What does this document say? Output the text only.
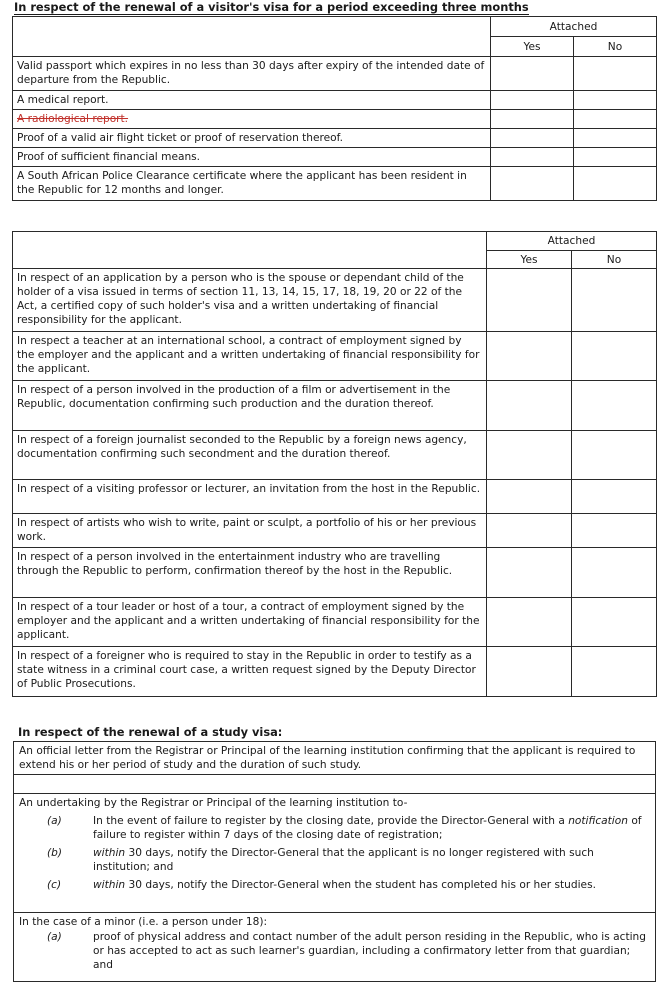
In respect of the renewal of a visitor's visa for a period exceeding three months
	Attached	
	Yes	No
Valid passport which expires in no less than 30 days after expiry of the intended date of departure from the Republic.		
A medical report.		
A radiological report.		
Proof of a valid air flight ticket or proof of reservation thereof.		
Proof of sufficient financial means.		
A South African Police Clearance certificate where the applicant has been resident in the Republic for 12 months and longer.		
	Attached	
	Yes	No
In respect of an application by a person who is the spouse or dependant child of the holder of a visa issued in terms of section 11, 13, 14, 15, 17, 18, 19, 20 or 22 of the Act, a certified copy of such holder's visa and a written undertaking of financial responsibility for the applicant.		
In respect a teacher at an international school, a contract of employment signed by the employer and the applicant and a written undertaking of financial responsibility for the applicant.		
In respect of a person involved in the production of a film or advertisement in the Republic, documentation confirming such production and the duration thereof.		
In respect of a foreign journalist seconded to the Republic by a foreign news agency, documentation confirming such secondment and the duration thereof.		
In respect of a visiting professor or lecturer, an invitation from the host in the Republic.		
In respect of artists who wish to write, paint or sculpt, a portfolio of his or her previous work.		
In respect of a person involved in the entertainment industry who are travelling through the Republic to perform, confirmation thereof by the host in the Republic.		
In respect of a tour leader or host of a tour, a contract of employment signed by the employer and the applicant and a written undertaking of financial responsibility for the applicant.		
In respect of a foreigner who is required to stay in the Republic in order to testify as a state witness in a criminal court case, a written request signed by the Deputy Director of Public Prosecutions.		
In respect of the renewal of a study visa:
An official letter from the Registrar or Principal of the learning institution confirming that the applicant is required to extend his or her period of study and the duration of such study.
An undertaking by the Registrar or Principal of the learning institution to-
(a)	In the event of failure to register by the closing date, provide the Director-General with a notification of failure to register within 7 days of the closing date of registration;
(b)	within 30 days, notify the Director-General that the applicant is no longer registered with such institution; and
(c)	within 30 days, notify the Director-General when the student has completed his or her studies.
In the case of a minor (i.e. a person under 18):
(a)	proof of physical address and contact number of the adult person residing in the Republic, who is acting or has accepted to act as such learner's guardian, including a confirmatory letter from that guardian; and
